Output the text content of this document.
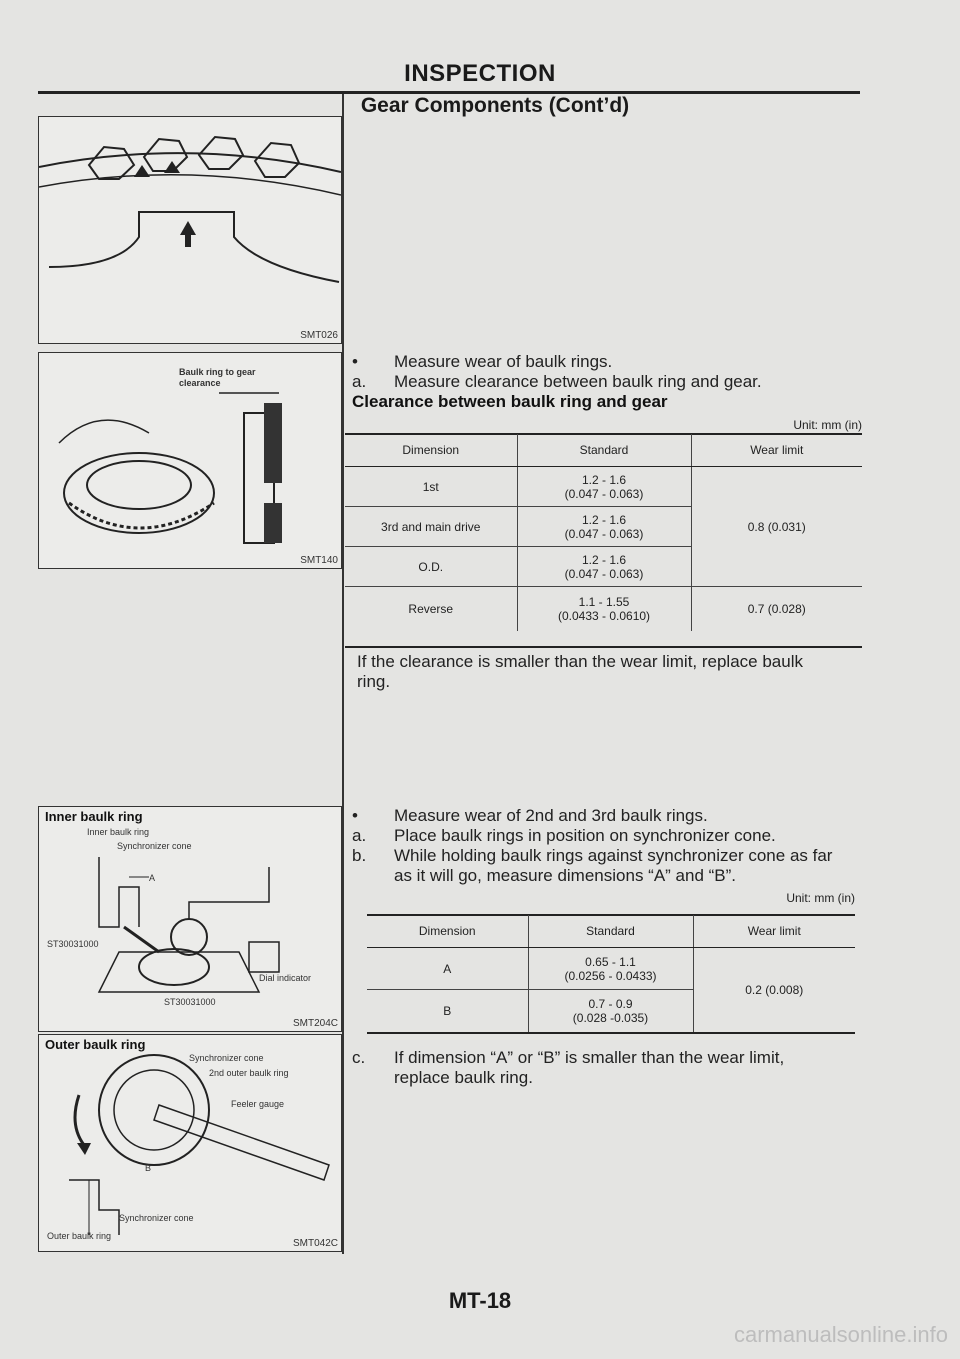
INSPECTION
Gear Components (Cont’d)
SMT026
Baulk ring to gear clearance
SMT140
•	Measure wear of baulk rings.
a.	Measure clearance between baulk ring and gear.
Clearance between baulk ring and gear
Unit: mm (in)
Dimension	Standard	Wear limit
1st	1.2 - 1.6
(0.047 - 0.063)	0.8 (0.031)
3rd and main drive	1.2 - 1.6
(0.047 - 0.063)	
O.D.	1.2 - 1.6
(0.047 - 0.063)	
Reverse	1.1 - 1.55
(0.0433 - 0.0610)	0.7 (0.028)
If the clearance is smaller than the wear limit, replace baulk
ring.
Inner baulk ring
Inner baulk ring
Synchronizer cone
A
ST30031000
Dial indicator
ST30031000
SMT204C
Outer baulk ring
Synchronizer cone
2nd outer baulk ring
Feeler gauge
B
Synchronizer cone
Outer baulk ring
SMT042C
•	Measure wear of 2nd and 3rd baulk rings.
a.	Place baulk rings in position on synchronizer cone.
b.	While holding baulk rings against synchronizer cone as far
as it will go, measure dimensions “A” and “B”.
Unit: mm (in)
Dimension	Standard	Wear limit
A	0.65 - 1.1
(0.0256 - 0.0433)	0.2 (0.008)
B	0.7 - 0.9
(0.028 -0.035)	
c.	If dimension “A” or “B” is smaller than the wear limit,
replace baulk ring.
MT-18
carmanualsonline.info
